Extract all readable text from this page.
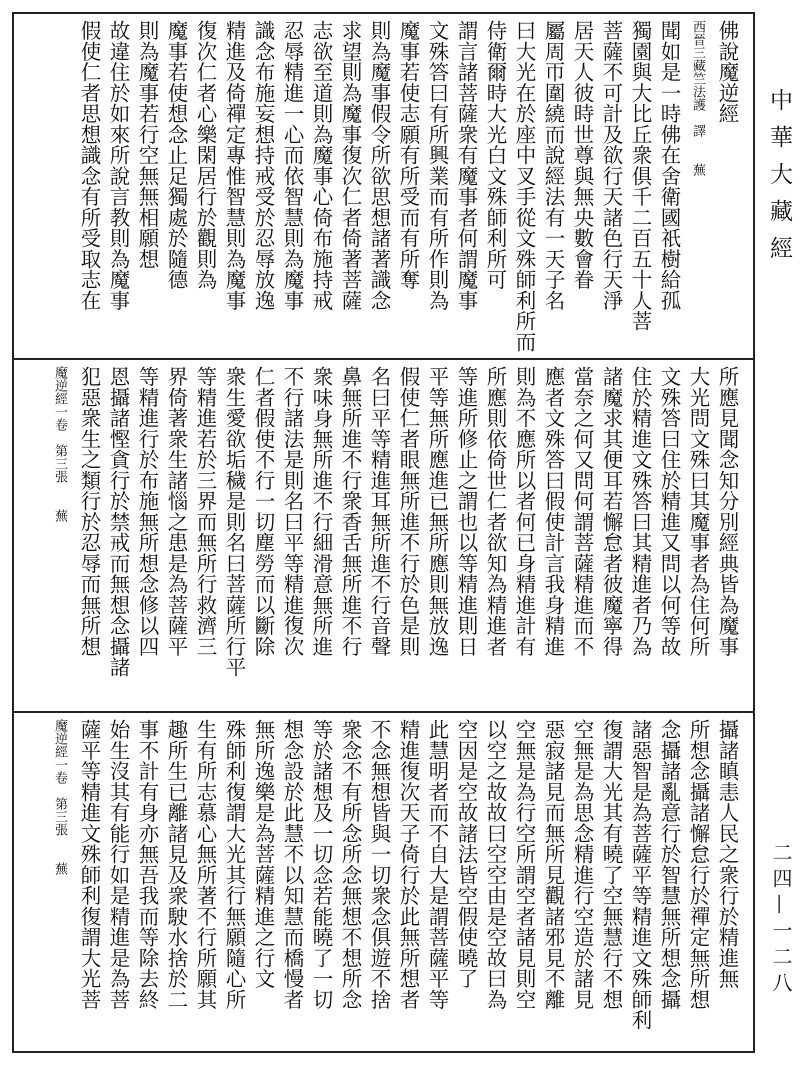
佛說魔逆經
西晉三藏竺法護　譯　　蕪
聞如是一時佛在舍衛國祇樹給孤
獨園與大比丘衆俱千二百五十人菩
菩薩不可計及欲行天諸色行天淨
居天人彼時世尊與無央數會眷
屬周帀圍繞而說經法有一天子名
曰大光在於座中叉手從文殊師利所而
侍衛爾時大光白文殊師利所可
謂言諸菩薩衆有魔事者何謂魔事
文殊答曰有所興業而有所作則為
魔事若使志願有所受而有所奪
則為魔事假令所欲思想諸著識念
求望則為魔事復次仁者倚著菩薩
志欲至道則為魔事心倚布施持戒
忍辱精進一心而依智慧則為魔事
識念布施妄想持戒受於忍辱放逸
精進及倚禪定專惟智慧則為魔事
復次仁者心樂閑居行於觀則為
魔事若使想念止足獨處於隨德
則為魔事若行空無無相願想
故違住於如來所說言教則為魔事
假使仁者思想識念有所受取志在
所應見聞念知分別經典皆為魔事
大光問文殊曰其魔事者為住何所
文殊答曰住於精進又問以何等故
住於精進文殊答曰其精進者乃為
諸魔求其便耳若懈怠者彼魔寧得
當奈之何又問何謂菩薩精進而不
應者文殊答曰假使計言我身精進
則為不應所以者何已身精進計有
所應則依倚世仁者欲知為精進者
等進所修止之謂也以等精進則日
平等無所應進已無所應則無放逸
假使仁者眼無所進不行於色是則
名曰平等精進耳無所進不行音聲
鼻無所進不行衆香舌無所進不行
衆味身無所進不行細滑意無所進
不行諸法是則名曰平等精進復次
仁者假使不行一切塵勞而以斷除
衆生愛欲垢穢是則名曰菩薩所行平
等精進若於三界而無所行救濟三
界倚著衆生諸惱之患是為菩薩平
等精進行於布施無所想念修以四
恩攝諸慳貪行於禁戒而無想念攝諸
犯惡衆生之類行於忍辱而無所想
魔逆經一卷　第三張　　蕪
攝諸瞋恚人民之衆行於精進無
所想念攝諸懈怠行於禪定無所想
念攝諸亂意行於智慧無所想念攝
諸惡智是為菩薩平等精進文殊師利
復謂大光其有曉了空無慧行不想
空無是為思念精進行空造於諸見
惡寂諸見而無所見觀諸邪見不離
空無是為行空所謂空者諸見則空
以空之故故曰空空由是空故曰為
空因是空故諸法皆空假使曉了
此慧明者而不自大是謂菩薩平等
精進復次天子倚行於此無所想者
不念無想皆與一切衆念俱遊不捨
衆念不有所念所念無想不想所念
等於諸想及一切念若能曉了一切
想念設於此慧不以知慧而橋慢者
無所逸樂是為菩薩精進之行文
殊師利復謂大光其行無願隨心所
生有所志慕心無所著不行所願其
趣所生已離諸見及衆駛水捨於二
事不計有身亦無吾我而等除去終
始生沒其有能行如是精進是為菩
薩平等精進文殊師利復謂大光菩
魔逆經一卷　第三張　　蕪
中華大藏經
二四—一二八
